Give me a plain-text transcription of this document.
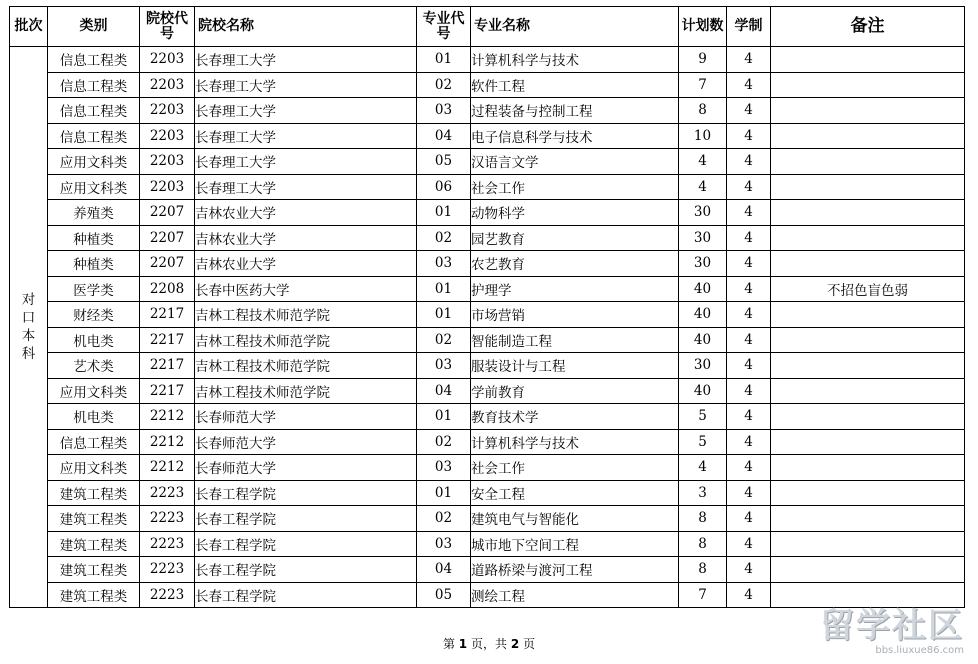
批次	类别	院校代号	院校名称	专业代号	专业名称	计划数	学制	备注
对
口
本
科	信息工程类	2203	长春理工大学	01	计算机科学与技术	9	4	
	信息工程类	2203	长春理工大学	02	软件工程	7	4	
	信息工程类	2203	长春理工大学	03	过程装备与控制工程	8	4	
	信息工程类	2203	长春理工大学	04	电子信息科学与技术	10	4	
	应用文科类	2203	长春理工大学	05	汉语言文学	4	4	
	应用文科类	2203	长春理工大学	06	社会工作	4	4	
	养殖类	2207	吉林农业大学	01	动物科学	30	4	
	种植类	2207	吉林农业大学	02	园艺教育	30	4	
	种植类	2207	吉林农业大学	03	农艺教育	30	4	
	医学类	2208	长春中医药大学	01	护理学	40	4	不招色盲色弱
	财经类	2217	吉林工程技术师范学院	01	市场营销	40	4	
	机电类	2217	吉林工程技术师范学院	02	智能制造工程	40	4	
	艺术类	2217	吉林工程技术师范学院	03	服装设计与工程	30	4	
	应用文科类	2217	吉林工程技术师范学院	04	学前教育	40	4	
	机电类	2212	长春师范大学	01	教育技术学	5	4	
	信息工程类	2212	长春师范大学	02	计算机科学与技术	5	4	
	应用文科类	2212	长春师范大学	03	社会工作	4	4	
	建筑工程类	2223	长春工程学院	01	安全工程	3	4	
	建筑工程类	2223	长春工程学院	02	建筑电气与智能化	8	4	
	建筑工程类	2223	长春工程学院	03	城市地下空间工程	8	4	
	建筑工程类	2223	长春工程学院	04	道路桥梁与渡河工程	8	4	
	建筑工程类	2223	长春工程学院	05	测绘工程	7	4	
第 1 页，共 2 页	留学社区
bbs.liuxue86.com
